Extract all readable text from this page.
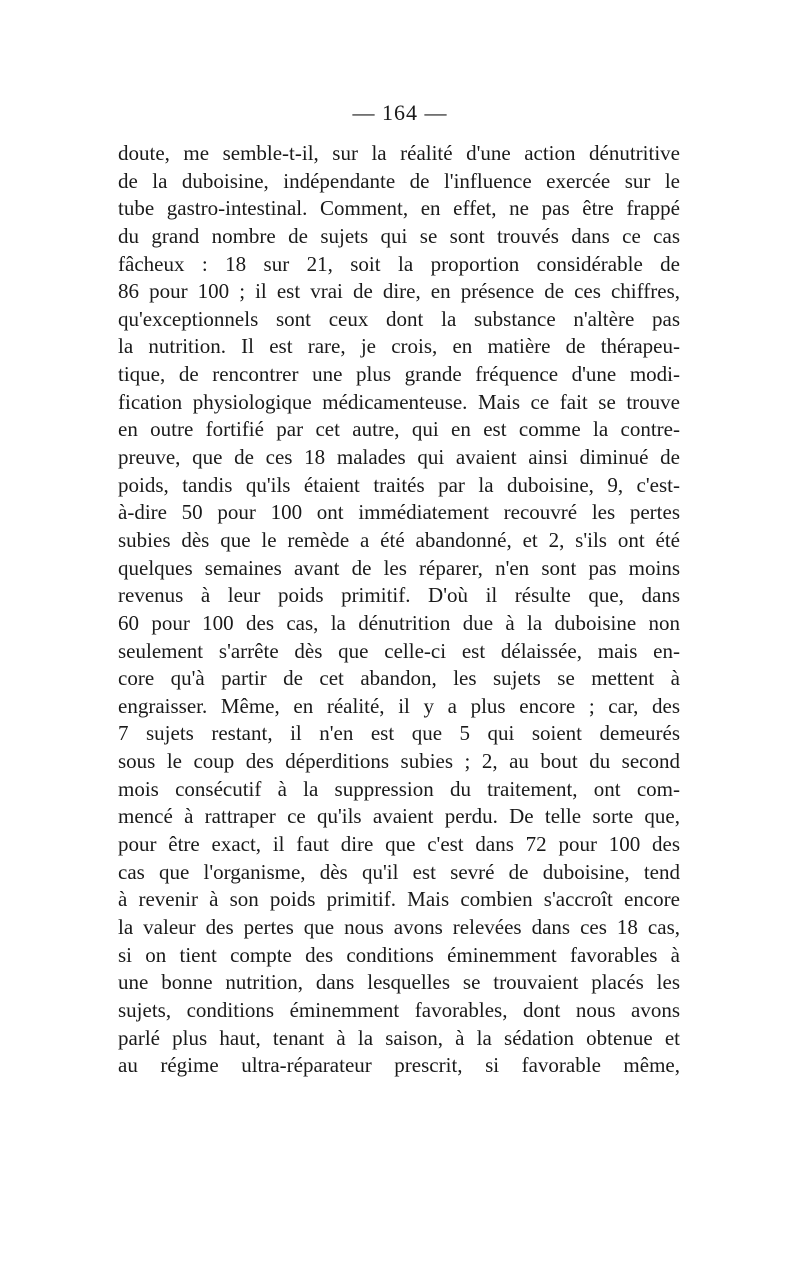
— 164 —
doute, me semble-t-il, sur la réalité d'une action dénutritive
de la duboisine, indépendante de l'influence exercée sur le
tube gastro-intestinal. Comment, en effet, ne pas être frappé
du grand nombre de sujets qui se sont trouvés dans ce cas
fâcheux : 18 sur 21, soit la proportion considérable de
86 pour 100 ; il est vrai de dire, en présence de ces chiffres,
qu'exceptionnels sont ceux dont la substance n'altère pas
la nutrition. Il est rare, je crois, en matière de thérapeu-
tique, de rencontrer une plus grande fréquence d'une modi-
fication physiologique médicamenteuse. Mais ce fait se trouve
en outre fortifié par cet autre, qui en est comme la contre-
preuve, que de ces 18 malades qui avaient ainsi diminué de
poids, tandis qu'ils étaient traités par la duboisine, 9, c'est-
à-dire 50 pour 100 ont immédiatement recouvré les pertes
subies dès que le remède a été abandonné, et 2, s'ils ont été
quelques semaines avant de les réparer, n'en sont pas moins
revenus à leur poids primitif. D'où il résulte que, dans
60 pour 100 des cas, la dénutrition due à la duboisine non
seulement s'arrête dès que celle-ci est délaissée, mais en-
core qu'à partir de cet abandon, les sujets se mettent à
engraisser. Même, en réalité, il y a plus encore ; car, des
7 sujets restant, il n'en est que 5 qui soient demeurés
sous le coup des déperditions subies ; 2, au bout du second
mois consécutif à la suppression du traitement, ont com-
mencé à rattraper ce qu'ils avaient perdu. De telle sorte que,
pour être exact, il faut dire que c'est dans 72 pour 100 des
cas que l'organisme, dès qu'il est sevré de duboisine, tend
à revenir à son poids primitif. Mais combien s'accroît encore
la valeur des pertes que nous avons relevées dans ces 18 cas,
si on tient compte des conditions éminemment favorables à
une bonne nutrition, dans lesquelles se trouvaient placés les
sujets, conditions éminemment favorables, dont nous avons
parlé plus haut, tenant à la saison, à la sédation obtenue et
au régime ultra-réparateur prescrit, si favorable même,
